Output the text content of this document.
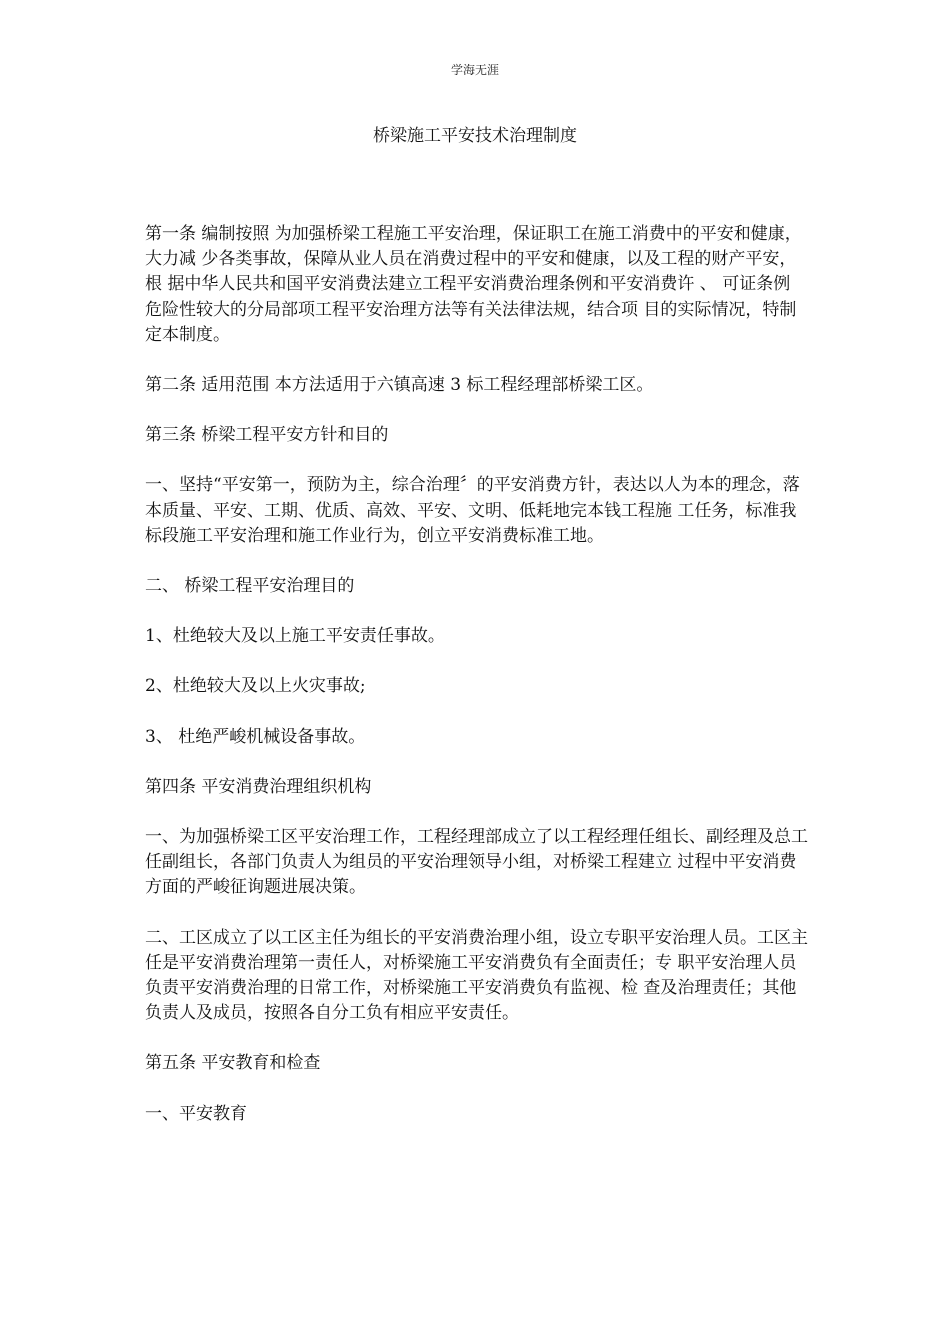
学海无涯
桥梁施工平安技术治理制度

第一条 编制按照 为加强桥梁工程施工平安治理，保证职工在施工消费中的平安和健康，大力减 少各类事故，保障从业人员在消费过程中的平安和健康，以及工程的财产平安，根 据中华人民共和国平安消费法建立工程平安消费治理条例和平安消费许 、 可证条例 危险性较大的分局部项工程平安治理方法等有关法律法规，结合项 目的实际情况，特制定本制度。

第二条 适用范围 本方法适用于六镇高速 3 标工程经理部桥梁工区。

第三条 桥梁工程平安方针和目的

一、坚持“平安第一，预防为主，综合治理〞的平安消费方针，表达以人为本的理念，落本质量、平安、工期、优质、高效、平安、文明、低耗地完本钱工程施 工任务，标准我标段施工平安治理和施工作业行为，创立平安消费标准工地。

二、 桥梁工程平安治理目的

1、杜绝较大及以上施工平安责任事故。

2、杜绝较大及以上火灾事故;

3、 杜绝严峻机械设备事故。

第四条 平安消费治理组织机构

一、为加强桥梁工区平安治理工作，工程经理部成立了以工程经理任组长、副经理及总工任副组长，各部门负责人为组员的平安治理领导小组，对桥梁工程建立 过程中平安消费方面的严峻征询题进展决策。

二、工区成立了以工区主任为组长的平安消费治理小组，设立专职平安治理人员。工区主任是平安消费治理第一责任人，对桥梁施工平安消费负有全面责任；专 职平安治理人员负责平安消费治理的日常工作，对桥梁施工平安消费负有监视、检 查及治理责任；其他负责人及成员，按照各自分工负有相应平安责任。

第五条 平安教育和检查

一、平安教育
